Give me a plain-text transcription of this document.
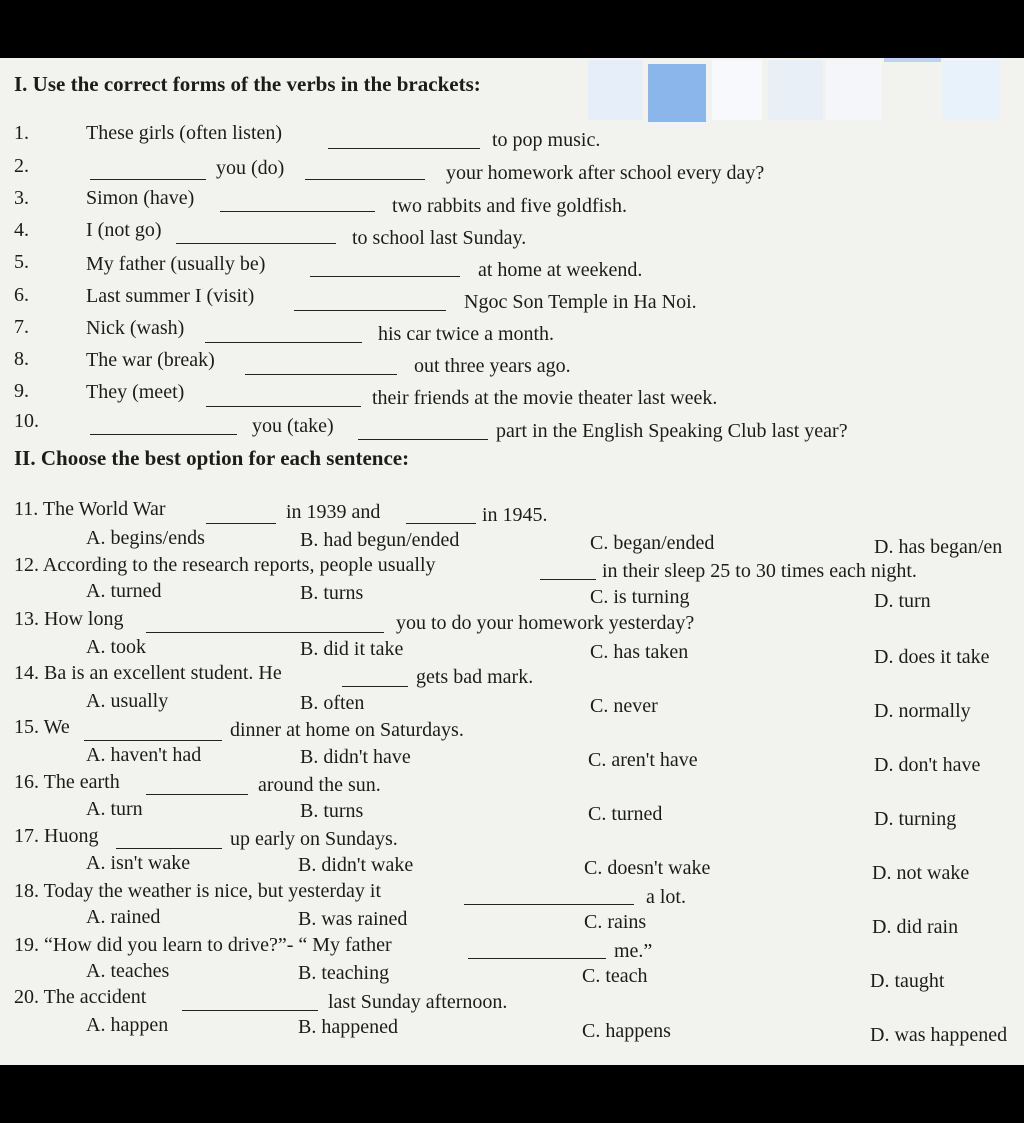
I. Use the correct forms of the verbs in the brackets:
1.	These girls (often listen)	to pop music.
2.	you (do)	your homework after school every day?
3.	Simon (have)	two rabbits and five goldfish.
4.	I (not go)	to school last Sunday.
5.	My father (usually be)	at home at weekend.
6.	Last summer I (visit)	Ngoc Son Temple in Ha Noi.
7.	Nick (wash)	his car twice a month.
8.	The war (break)	out three years ago.
9.	They (meet)	their friends at the movie theater last week.
10.	you (take)	part in the English Speaking Club last year?
II. Choose the best option for each sentence:
11. The World War	in 1939 and	in 1945.
A. begins/ends	B. had begun/ended	C. began/ended	D. has began/en
12. According to the research reports, people usually	in their sleep 25 to 30 times each night.
A. turned	B. turns	C. is turning	D. turn
13. How long	you to do your homework yesterday?
A. took	B. did it take	C. has taken	D. does it take
14. Ba is an excellent student. He	gets bad mark.
A. usually	B. often	C. never	D. normally
15. We	dinner at home on Saturdays.
A. haven't had	B. didn't have	C. aren't have	D. don't have
16. The earth	around the sun.
A. turn	B. turns	C. turned	D. turning
17. Huong	up early on Sundays.
A. isn't wake	B. didn't wake	C. doesn't wake	D. not wake
18. Today the weather is nice, but yesterday it	a lot.
A. rained	B. was rained	C. rains	D. did rain
19. “How did you learn to drive?”- “ My father	me.”
A. teaches	B. teaching	C. teach	D. taught
20. The accident	last Sunday afternoon.
A. happen	B. happened	C. happens	D. was happened
